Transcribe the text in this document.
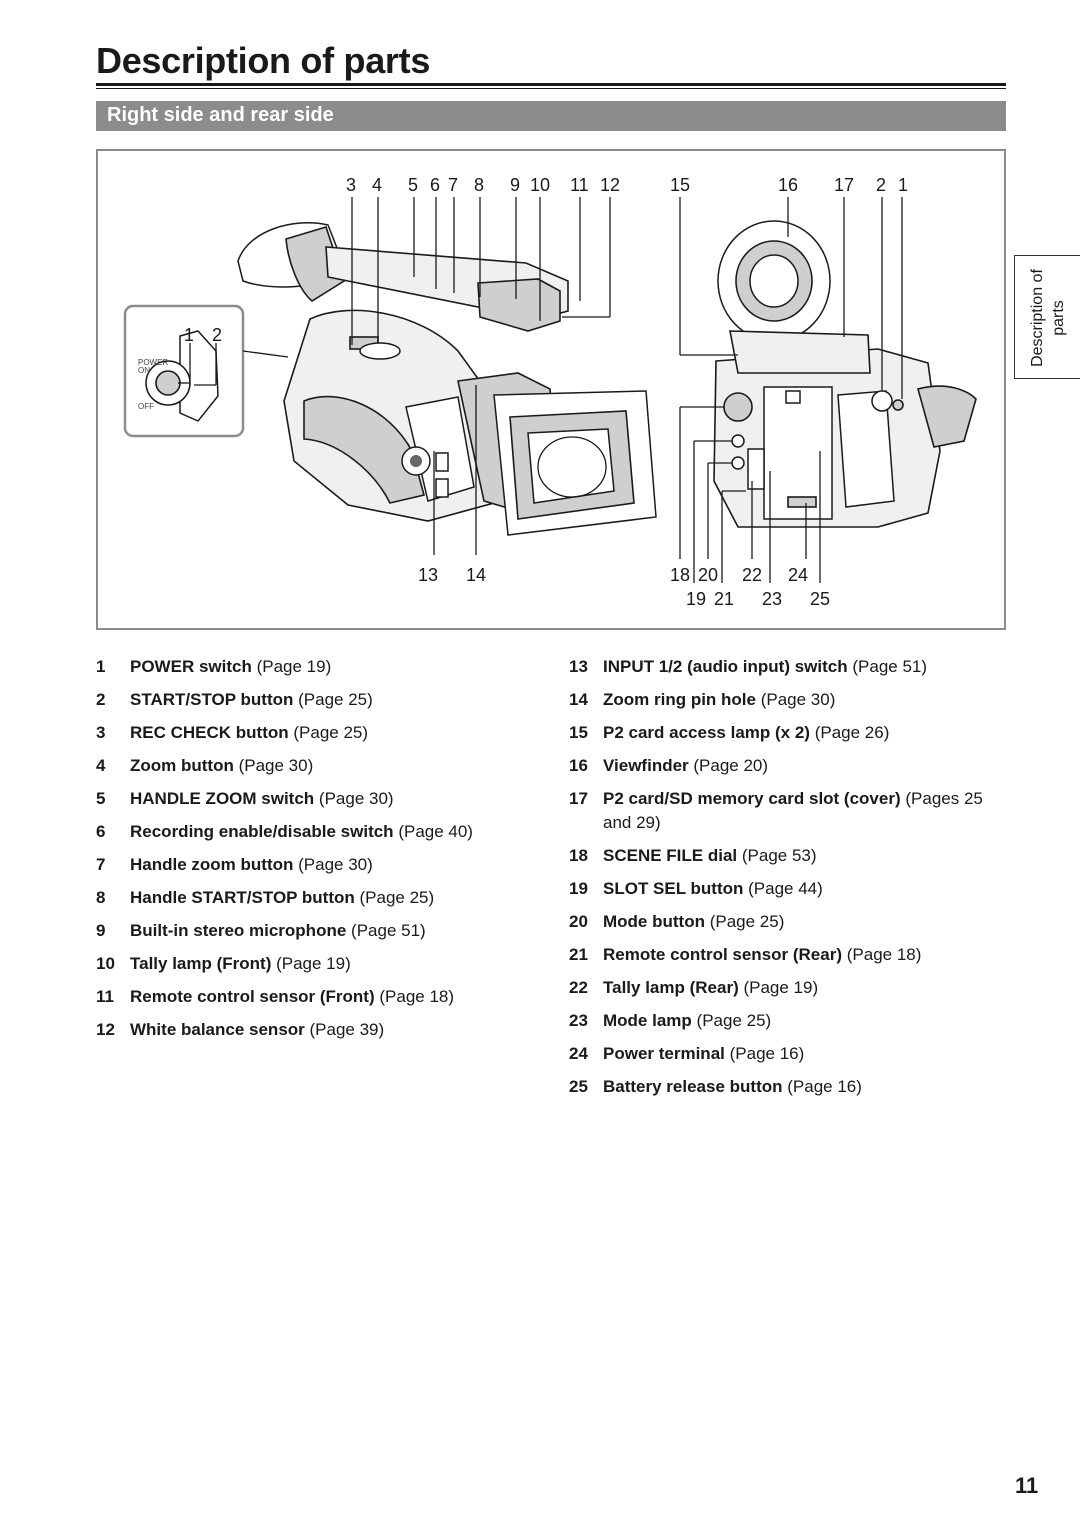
Description of parts
Right side and rear side
POWER
ON
OFF
1 2
3 4 5 6 7 8 9 10 11 12
13 14
15	16 17 2 1
18
19
20
21
22
23
24
25
Description of parts
1 POWER switch (Page 19)
2 START/STOP button (Page 25)
3 REC CHECK button (Page 25)
4 Zoom button (Page 30)
5 HANDLE ZOOM switch (Page 30)
6 Recording enable/disable switch (Page 40)
7 Handle zoom button (Page 30)
8 Handle START/STOP button (Page 25)
9 Built-in stereo microphone (Page 51)
10 Tally lamp (Front) (Page 19)
11 Remote control sensor (Front) (Page 18)
12 White balance sensor (Page 39)
13 INPUT 1/2 (audio input) switch (Page 51)
14 Zoom ring pin hole (Page 30)
15 P2 card access lamp (x 2) (Page 26)
16 Viewfinder (Page 20)
17 P2 card/SD memory card slot (cover) (Pages 25 and 29)
18 SCENE FILE dial (Page 53)
19 SLOT SEL button (Page 44)
20 Mode button (Page 25)
21 Remote control sensor (Rear) (Page 18)
22 Tally lamp (Rear) (Page 19)
23 Mode lamp (Page 25)
24 Power terminal (Page 16)
25 Battery release button (Page 16)
11
